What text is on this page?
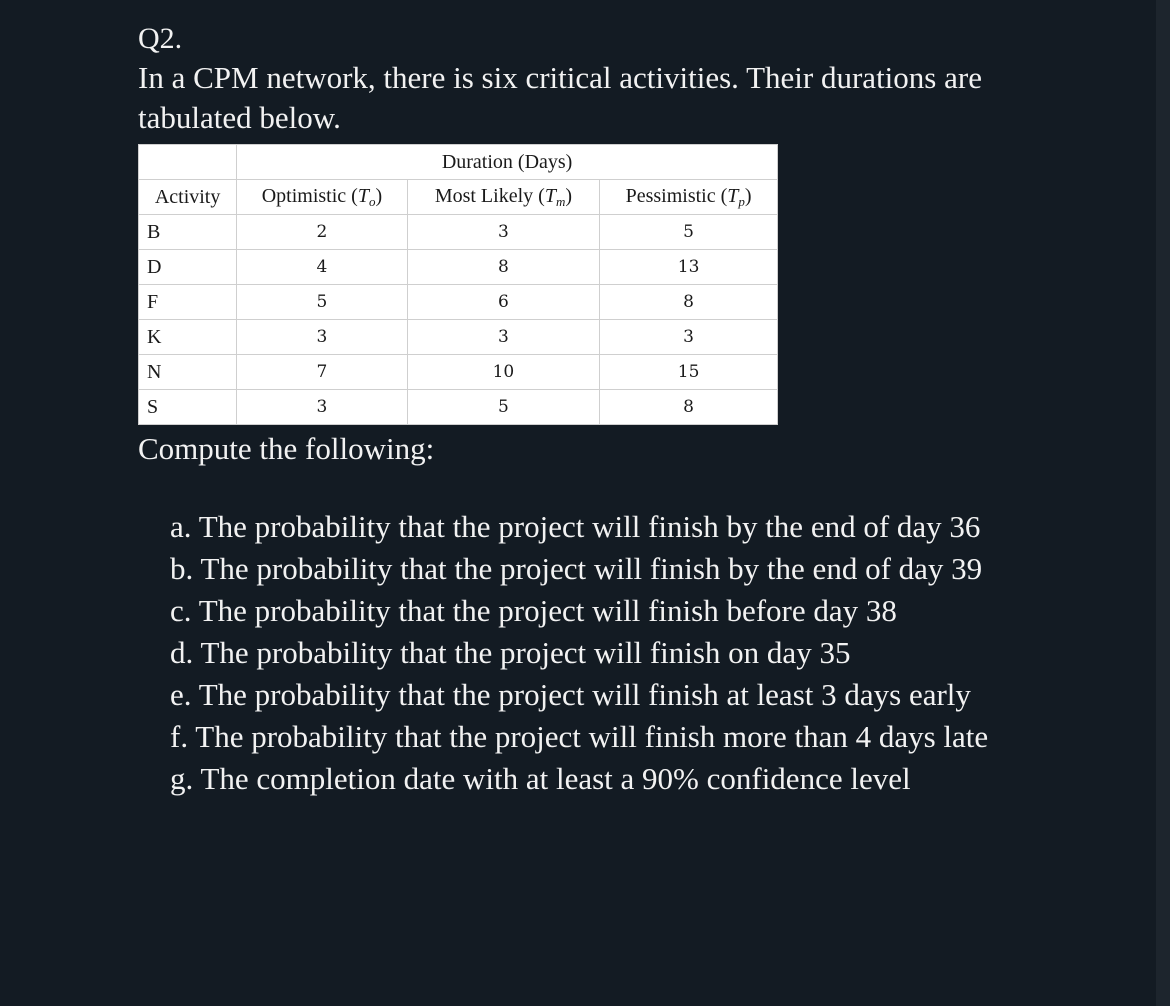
Q2.

In a CPM network, there is six critical activities. Their durations are tabulated below.

	Duration (Days)		
Activity	Optimistic $(T_o)$	Most Likely $(T_m)$	Pessimistic $(T_p)$
B	2	3	5
D	4	8	13
F	5	6	8
K	3	3	3
N	7	10	15
S	3	5	8

Compute the following:

a. The probability that the project will finish by the end of day 36
b. The probability that the project will finish by the end of day 39
c. The probability that the project will finish before day 38
d. The probability that the project will finish on day 35
e. The probability that the project will finish at least 3 days early
f. The probability that the project will finish more than 4 days late
g. The completion date with at least a 90% confidence level
